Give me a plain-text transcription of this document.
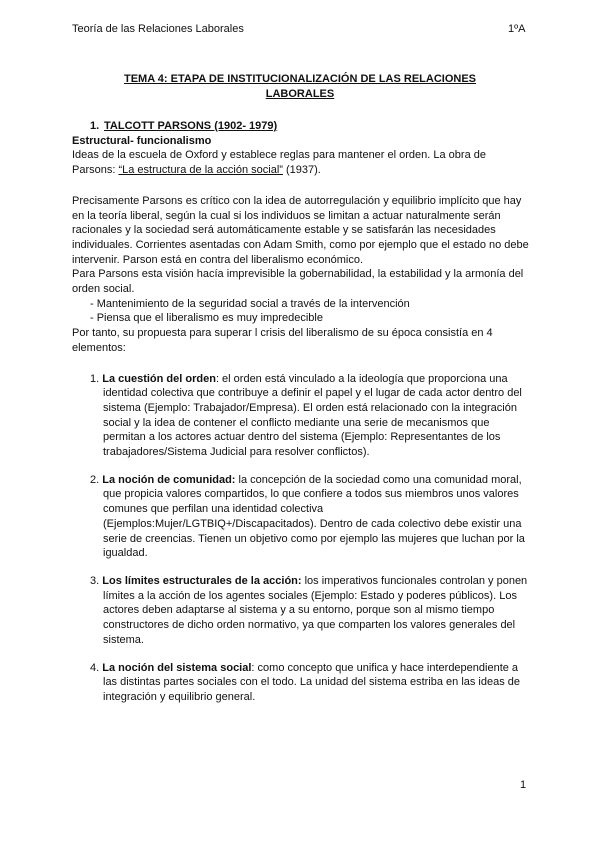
Teoría de las Relaciones Laborales	1ºA
TEMA 4: ETAPA DE INSTITUCIONALIZACIÓN DE LAS RELACIONES LABORALES

1. TALCOTT PARSONS (1902- 1979)

Estructural- funcionalismo

Ideas de la escuela de Oxford y establece reglas para mantener el orden. La obra de Parsons: “La estructura de la acción social” (1937).

Precisamente Parsons es crítico con la idea de autorregulación y equilibrio implícito que hay en la teoría liberal, según la cual si los individuos se limitan a actuar naturalmente serán racionales y la sociedad será automáticamente estable y se satisfarán las necesidades individuales. Corrientes asentadas con Adam Smith, como por ejemplo que el estado no debe intervenir. Parson está en contra del liberalismo económico.

Para Parsons esta visión hacía imprevisible la gobernabilidad, la estabilidad y la armonía del orden social.

- Mantenimiento de la seguridad social a través de la intervención

- Piensa que el liberalismo es muy impredecible

Por tanto, su propuesta para superar l crisis del liberalismo de su época consistía en 4 elementos:

1. La cuestión del orden: el orden está vinculado a la ideología que proporciona una identidad colectiva que contribuye a definir el papel y el lugar de cada actor dentro del sistema (Ejemplo: Trabajador/Empresa). El orden está relacionado con la integración social y la idea de contener el conflicto mediante una serie de mecanismos que permitan a los actores actuar dentro del sistema (Ejemplo: Representantes de los trabajadores/Sistema Judicial para resolver conflictos).

2. La noción de comunidad: la concepción de la sociedad como una comunidad moral, que propicia valores compartidos, lo que confiere a todos sus miembros unos valores comunes que perfilan una identidad colectiva (Ejemplos:Mujer/LGTBIQ+/Discapacitados). Dentro de cada colectivo debe existir una serie de creencias. Tienen un objetivo como por ejemplo las mujeres que luchan por la igualdad.

3. Los límites estructurales de la acción: los imperativos funcionales controlan y ponen límites a la acción de los agentes sociales (Ejemplo: Estado y poderes públicos). Los actores deben adaptarse al sistema y a su entorno, porque son al mismo tiempo constructores de dicho orden normativo, ya que comparten los valores generales del sistema.

4. La noción del sistema social: como concepto que unifica y hace interdependiente a las distintas partes sociales con el todo. La unidad del sistema estriba en las ideas de integración y equilibrio general.

1
